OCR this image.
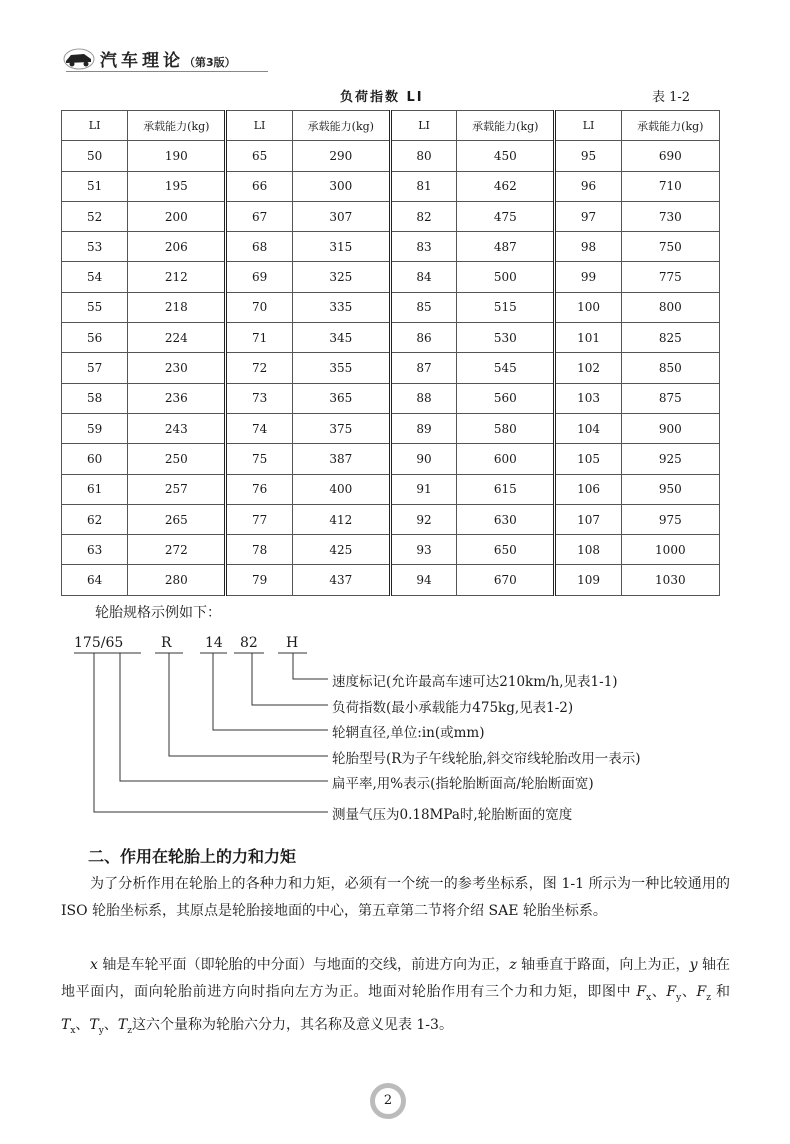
汽车理论（第3版）
负荷指数 LI	表 1-2
LI	承载能力(kg)	LI	承载能力(kg)	LI	承载能力(kg)	LI	承载能力(kg)
50	190	65	290	80	450	95	690
51	195	66	300	81	462	96	710
52	200	67	307	82	475	97	730
53	206	68	315	83	487	98	750
54	212	69	325	84	500	99	775
55	218	70	335	85	515	100	800
56	224	71	345	86	530	101	825
57	230	72	355	87	545	102	850
58	236	73	365	88	560	103	875
59	243	74	375	89	580	104	900
60	250	75	387	90	600	105	925
61	257	76	400	91	615	106	950
62	265	77	412	92	630	107	975
63	272	78	425	93	650	108	1000
64	280	79	437	94	670	109	1030
轮胎规格示例如下：
175/65	R 14 82 H
速度标记(允许最高车速可达210km/h,见表1-1)
负荷指数(最小承载能力475kg,见表1-2)
轮辋直径,单位:in(或mm)
轮胎型号(R为子午线轮胎,斜交帘线轮胎改用一表示)
扁平率,用%表示(指轮胎断面高/轮胎断面宽)
测量气压为0.18MPa时,轮胎断面的宽度
二、作用在轮胎上的力和力矩
为了分析作用在轮胎上的各种力和力矩，必须有一个统一的参考坐标系，图 1-1 所示为一种比较通用的 ISO 轮胎坐标系，其原点是轮胎接地面的中心，第五章第二节将介绍 SAE 轮胎坐标系。
x 轴是车轮平面（即轮胎的中分面）与地面的交线，前进方向为正，z 轴垂直于路面，向上为正，y 轴在地平面内，面向轮胎前进方向时指向左方为正。地面对轮胎作用有三个力和力矩，即图中 $F_x$、$F_y$、$F_z$ 和 $T_x$、$T_y$、$T_z$这六个量称为轮胎六分力，其名称及意义见表 1-3。
2
